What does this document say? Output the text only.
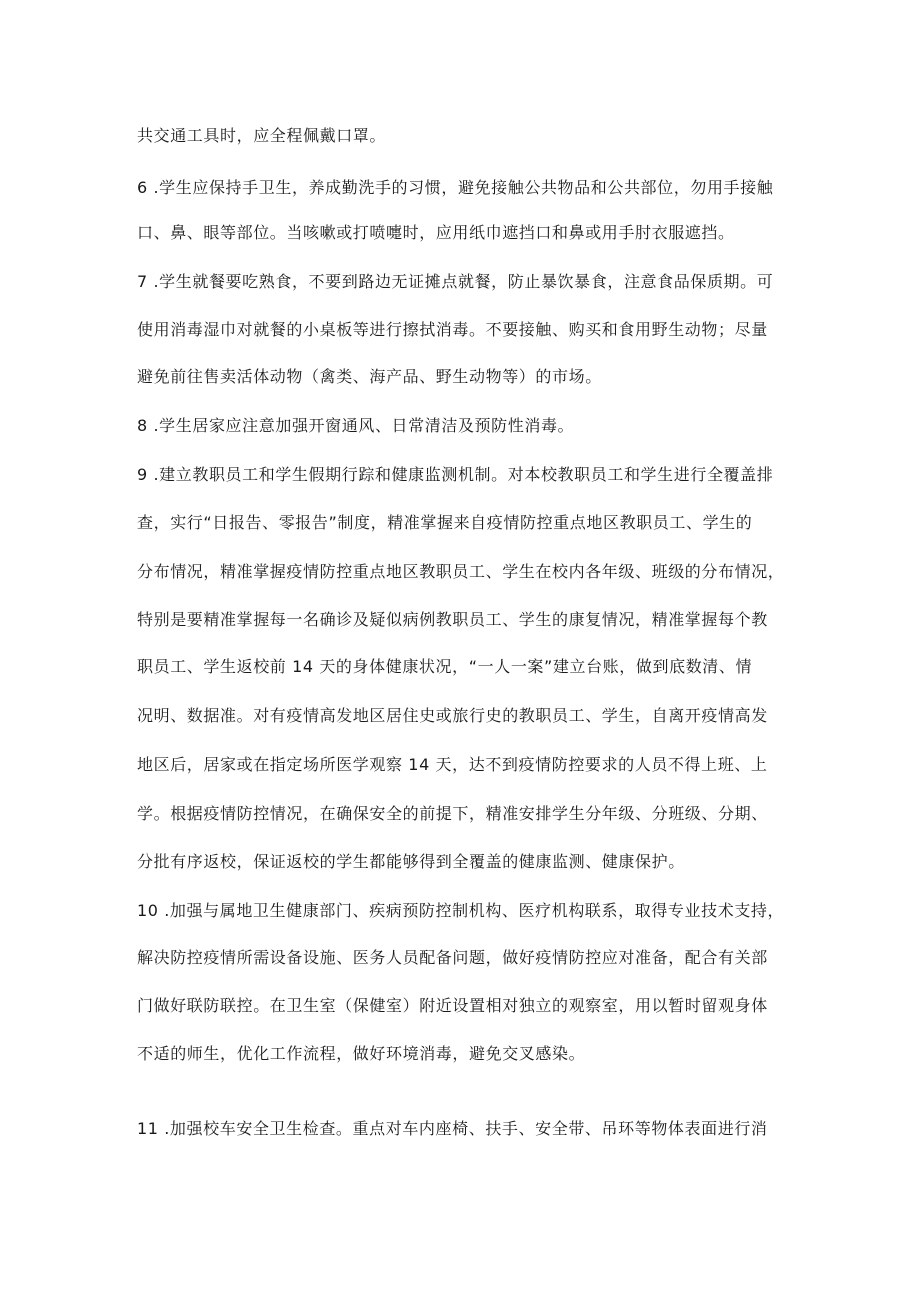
共交通工具时，应全程佩戴口罩。
6 .学生应保持手卫生，养成勤洗手的习惯，避免接触公共物品和公共部位，勿用手接触
口、鼻、眼等部位。当咳嗽或打喷嚏时，应用纸巾遮挡口和鼻或用手肘衣服遮挡。
7 .学生就餐要吃熟食，不要到路边无证摊点就餐，防止暴饮暴食，注意食品保质期。可
使用消毒湿巾对就餐的小桌板等进行擦拭消毒。不要接触、购买和食用野生动物；尽量
避免前往售卖活体动物（禽类、海产品、野生动物等）的市场。
8 .学生居家应注意加强开窗通风、日常清洁及预防性消毒。
9 .建立教职员工和学生假期行踪和健康监测机制。对本校教职员工和学生进行全覆盖排
查，实行“日报告、零报告”制度，精准掌握来自疫情防控重点地区教职员工、学生的
分布情况，精准掌握疫情防控重点地区教职员工、学生在校内各年级、班级的分布情况，
特别是要精准掌握每一名确诊及疑似病例教职员工、学生的康复情况，精准掌握每个教
职员工、学生返校前 14 天的身体健康状况，“一人一案”建立台账，做到底数清、情
况明、数据准。对有疫情高发地区居住史或旅行史的教职员工、学生，自离开疫情高发
地区后，居家或在指定场所医学观察 14 天，达不到疫情防控要求的人员不得上班、上
学。根据疫情防控情况，在确保安全的前提下，精准安排学生分年级、分班级、分期、
分批有序返校，保证返校的学生都能够得到全覆盖的健康监测、健康保护。
10 .加强与属地卫生健康部门、疾病预防控制机构、医疗机构联系，取得专业技术支持，
解决防控疫情所需设备设施、医务人员配备问题，做好疫情防控应对准备，配合有关部
门做好联防联控。在卫生室（保健室）附近设置相对独立的观察室，用以暂时留观身体
不适的师生，优化工作流程，做好环境消毒，避免交叉感染。
11 .加强校车安全卫生检查。重点对车内座椅、扶手、安全带、吊环等物体表面进行消
